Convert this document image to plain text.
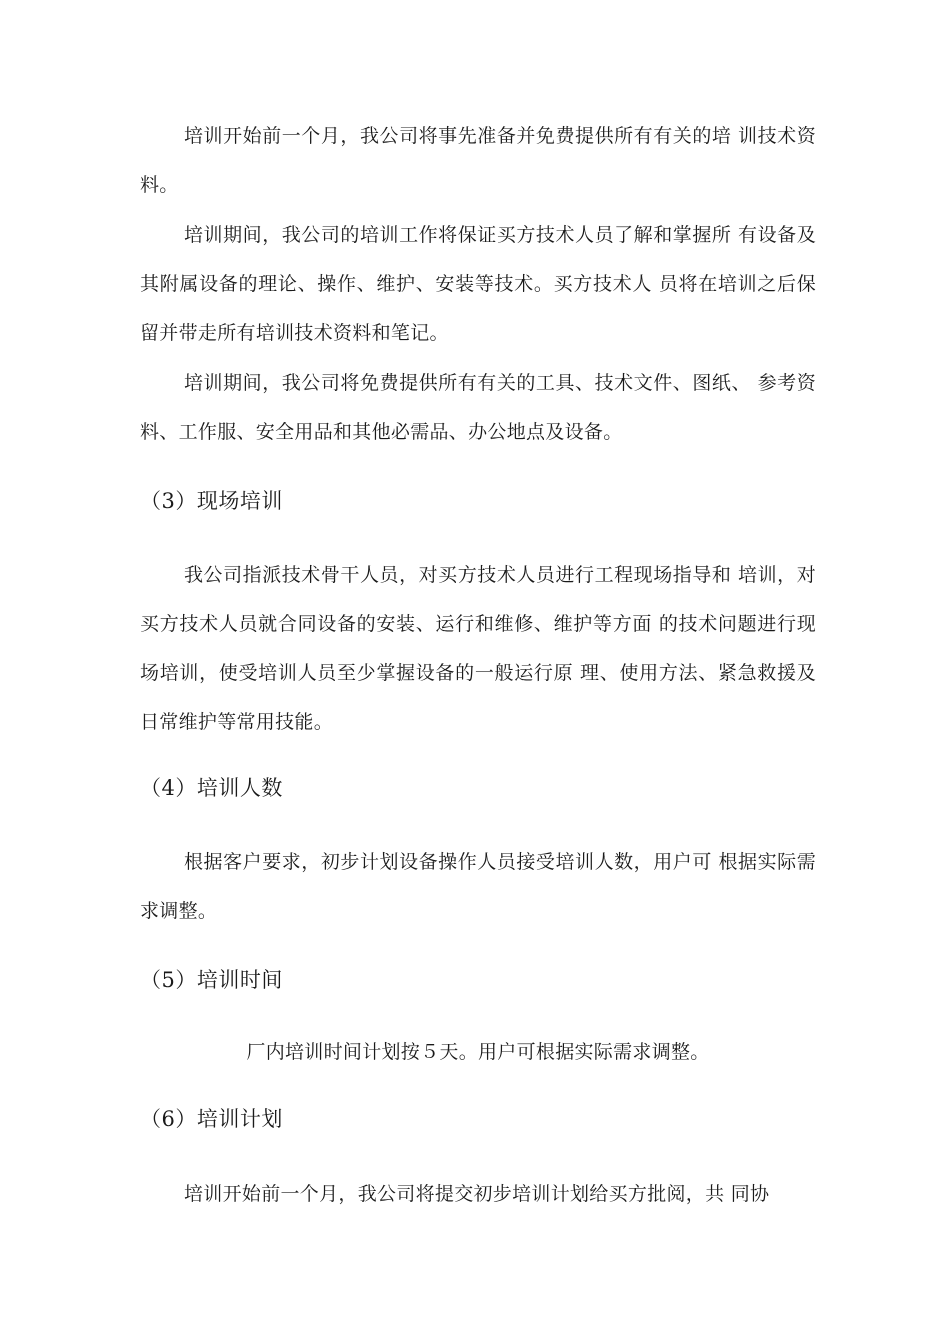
培训开始前一个月，我公司将事先准备并免费提供所有有关的培 训技术资料。

培训期间，我公司的培训工作将保证买方技术人员了解和掌握所 有设备及其附属设备的理论、操作、维护、安装等技术。买方技术人 员将在培训之后保留并带走所有培训技术资料和笔记。

培训期间，我公司将免费提供所有有关的工具、技术文件、图纸、 参考资料、工作服、安全用品和其他必需品、办公地点及设备。

（3）现场培训

我公司指派技术骨干人员，对买方技术人员进行工程现场指导和 培训，对买方技术人员就合同设备的安装、运行和维修、维护等方面 的技术问题进行现场培训，使受培训人员至少掌握设备的一般运行原 理、使用方法、紧急救援及日常维护等常用技能。

（4）培训人数

根据客户要求，初步计划设备操作人员接受培训人数，用户可 根据实际需求调整。

（5）培训时间

厂内培训时间计划按５天。用户可根据实际需求调整。

（6）培训计划

培训开始前一个月，我公司将提交初步培训计划给买方批阅，共 同协
